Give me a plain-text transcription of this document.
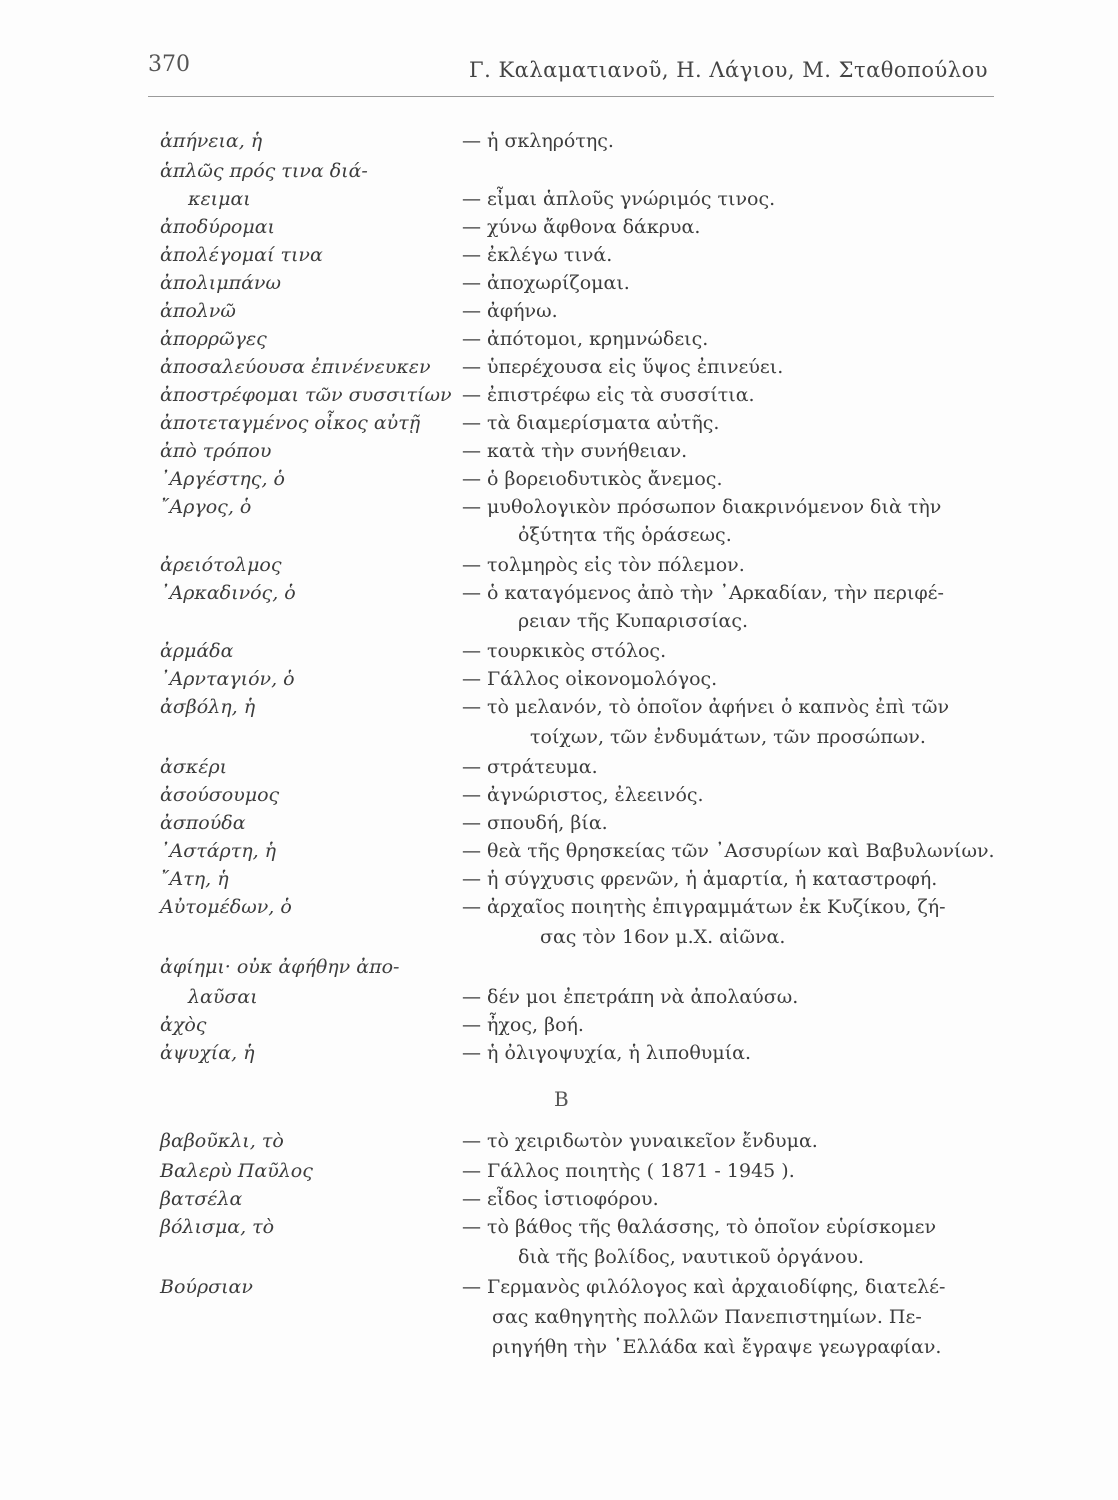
370	Γ. Καλαματιανοῦ, Η. Λάγιου, Μ. Σταθοπούλου
ἀπήνεια, ἡ	— ἡ σκληρότης.
ἁπλῶς πρός τινα διά-
κειμαι	— εἶμαι ἁπλοῦς γνώριμός τινος.
ἀποδύρομαι	— χύνω ἄφθονα δάκρυα.
ἀπολέγομαί τινα	— ἐκλέγω τινά.
ἀπολιμπάνω	— ἀποχωρίζομαι.
ἀπολνῶ	— ἀφήνω.
ἀπορρῶγες	— ἀπότομοι, κρημνώδεις.
ἀποσαλεύουσα ἐπινένευκεν — ὑπερέχουσα εἰς ὕψος ἐπινεύει.
ἀποστρέφομαι τῶν συσσιτίων — ἐπιστρέφω εἰς τὰ συσσίτια.
ἀποτεταγμένος οἶκος αὐτῇ — τὰ διαμερίσματα αὐτῆς.
ἀπὸ τρόπου	— κατὰ τὴν συνήθειαν.
᾿Αργέστης, ὁ	— ὁ βορειοδυτικὸς ἄνεμος.
῎Αργος, ὁ	— μυθολογικὸν πρόσωπον διακρινόμενον διὰ τὴν
ὀξύτητα τῆς ὁράσεως.
ἀρειότολμος	— τολμηρὸς εἰς τὸν πόλεμον.
᾿Αρκαδινός, ὁ	— ὁ καταγόμενος ἀπὸ τὴν ᾿Αρκαδίαν, τὴν περιφέ-
ρειαν τῆς Κυπαρισσίας.
ἀρμάδα	— τουρκικὸς στόλος.
᾿Αρνταγιόν, ὁ	— Γάλλος οἰκονομολόγος.
ἀσβόλη, ἡ	— τὸ μελανόν, τὸ ὁποῖον ἀφήνει ὁ καπνὸς ἐπὶ τῶν
τοίχων, τῶν ἐνδυμάτων, τῶν προσώπων.
ἀσκέρι	— στράτευμα.
ἀσούσουμος	— ἀγνώριστος, ἐλεεινός.
ἀσπούδα	— σπουδή, βία.
᾿Αστάρτη, ἡ	— θεὰ τῆς θρησκείας τῶν ᾿Ασσυρίων καὶ Βαβυλωνίων.
῎Ατη, ἡ	— ἡ σύγχυσις φρενῶν, ἡ ἁμαρτία, ἡ καταστροφή.
Αὐτομέδων, ὁ	— ἀρχαῖος ποιητὴς ἐπιγραμμάτων ἐκ Κυζίκου, ζή-
σας τὸν 16ον μ.Χ. αἰῶνα.
ἀφίημι· οὐκ ἀφήθην ἀπο-
λαῦσαι	— δέν μοι ἐπετράπη νὰ ἀπολαύσω.
ἀχὸς	— ἦχος, βοή.
ἀψυχία, ἡ	— ἡ ὀλιγοψυχία, ἡ λιποθυμία.
Β
βαβοῦκλι, τὸ	— τὸ χειριδωτὸν γυναικεῖον ἔνδυμα.
Βαλερὺ Παῦλος	— Γάλλος ποιητὴς ( 1871 - 1945 ).
βατσέλα	— εἶδος ἱστιοφόρου.
βόλισμα, τὸ	— τὸ βάθος τῆς θαλάσσης, τὸ ὁποῖον εὑρίσκομεν
διὰ τῆς βολίδος, ναυτικοῦ ὀργάνου.
Βούρσιαν	— Γερμανὸς φιλόλογος καὶ ἀρχαιοδίφης, διατελέ-
σας καθηγητὴς πολλῶν Πανεπιστημίων. Πε-
ριηγήθη τὴν ῾Ελλάδα καὶ ἔγραψε γεωγραφίαν.
